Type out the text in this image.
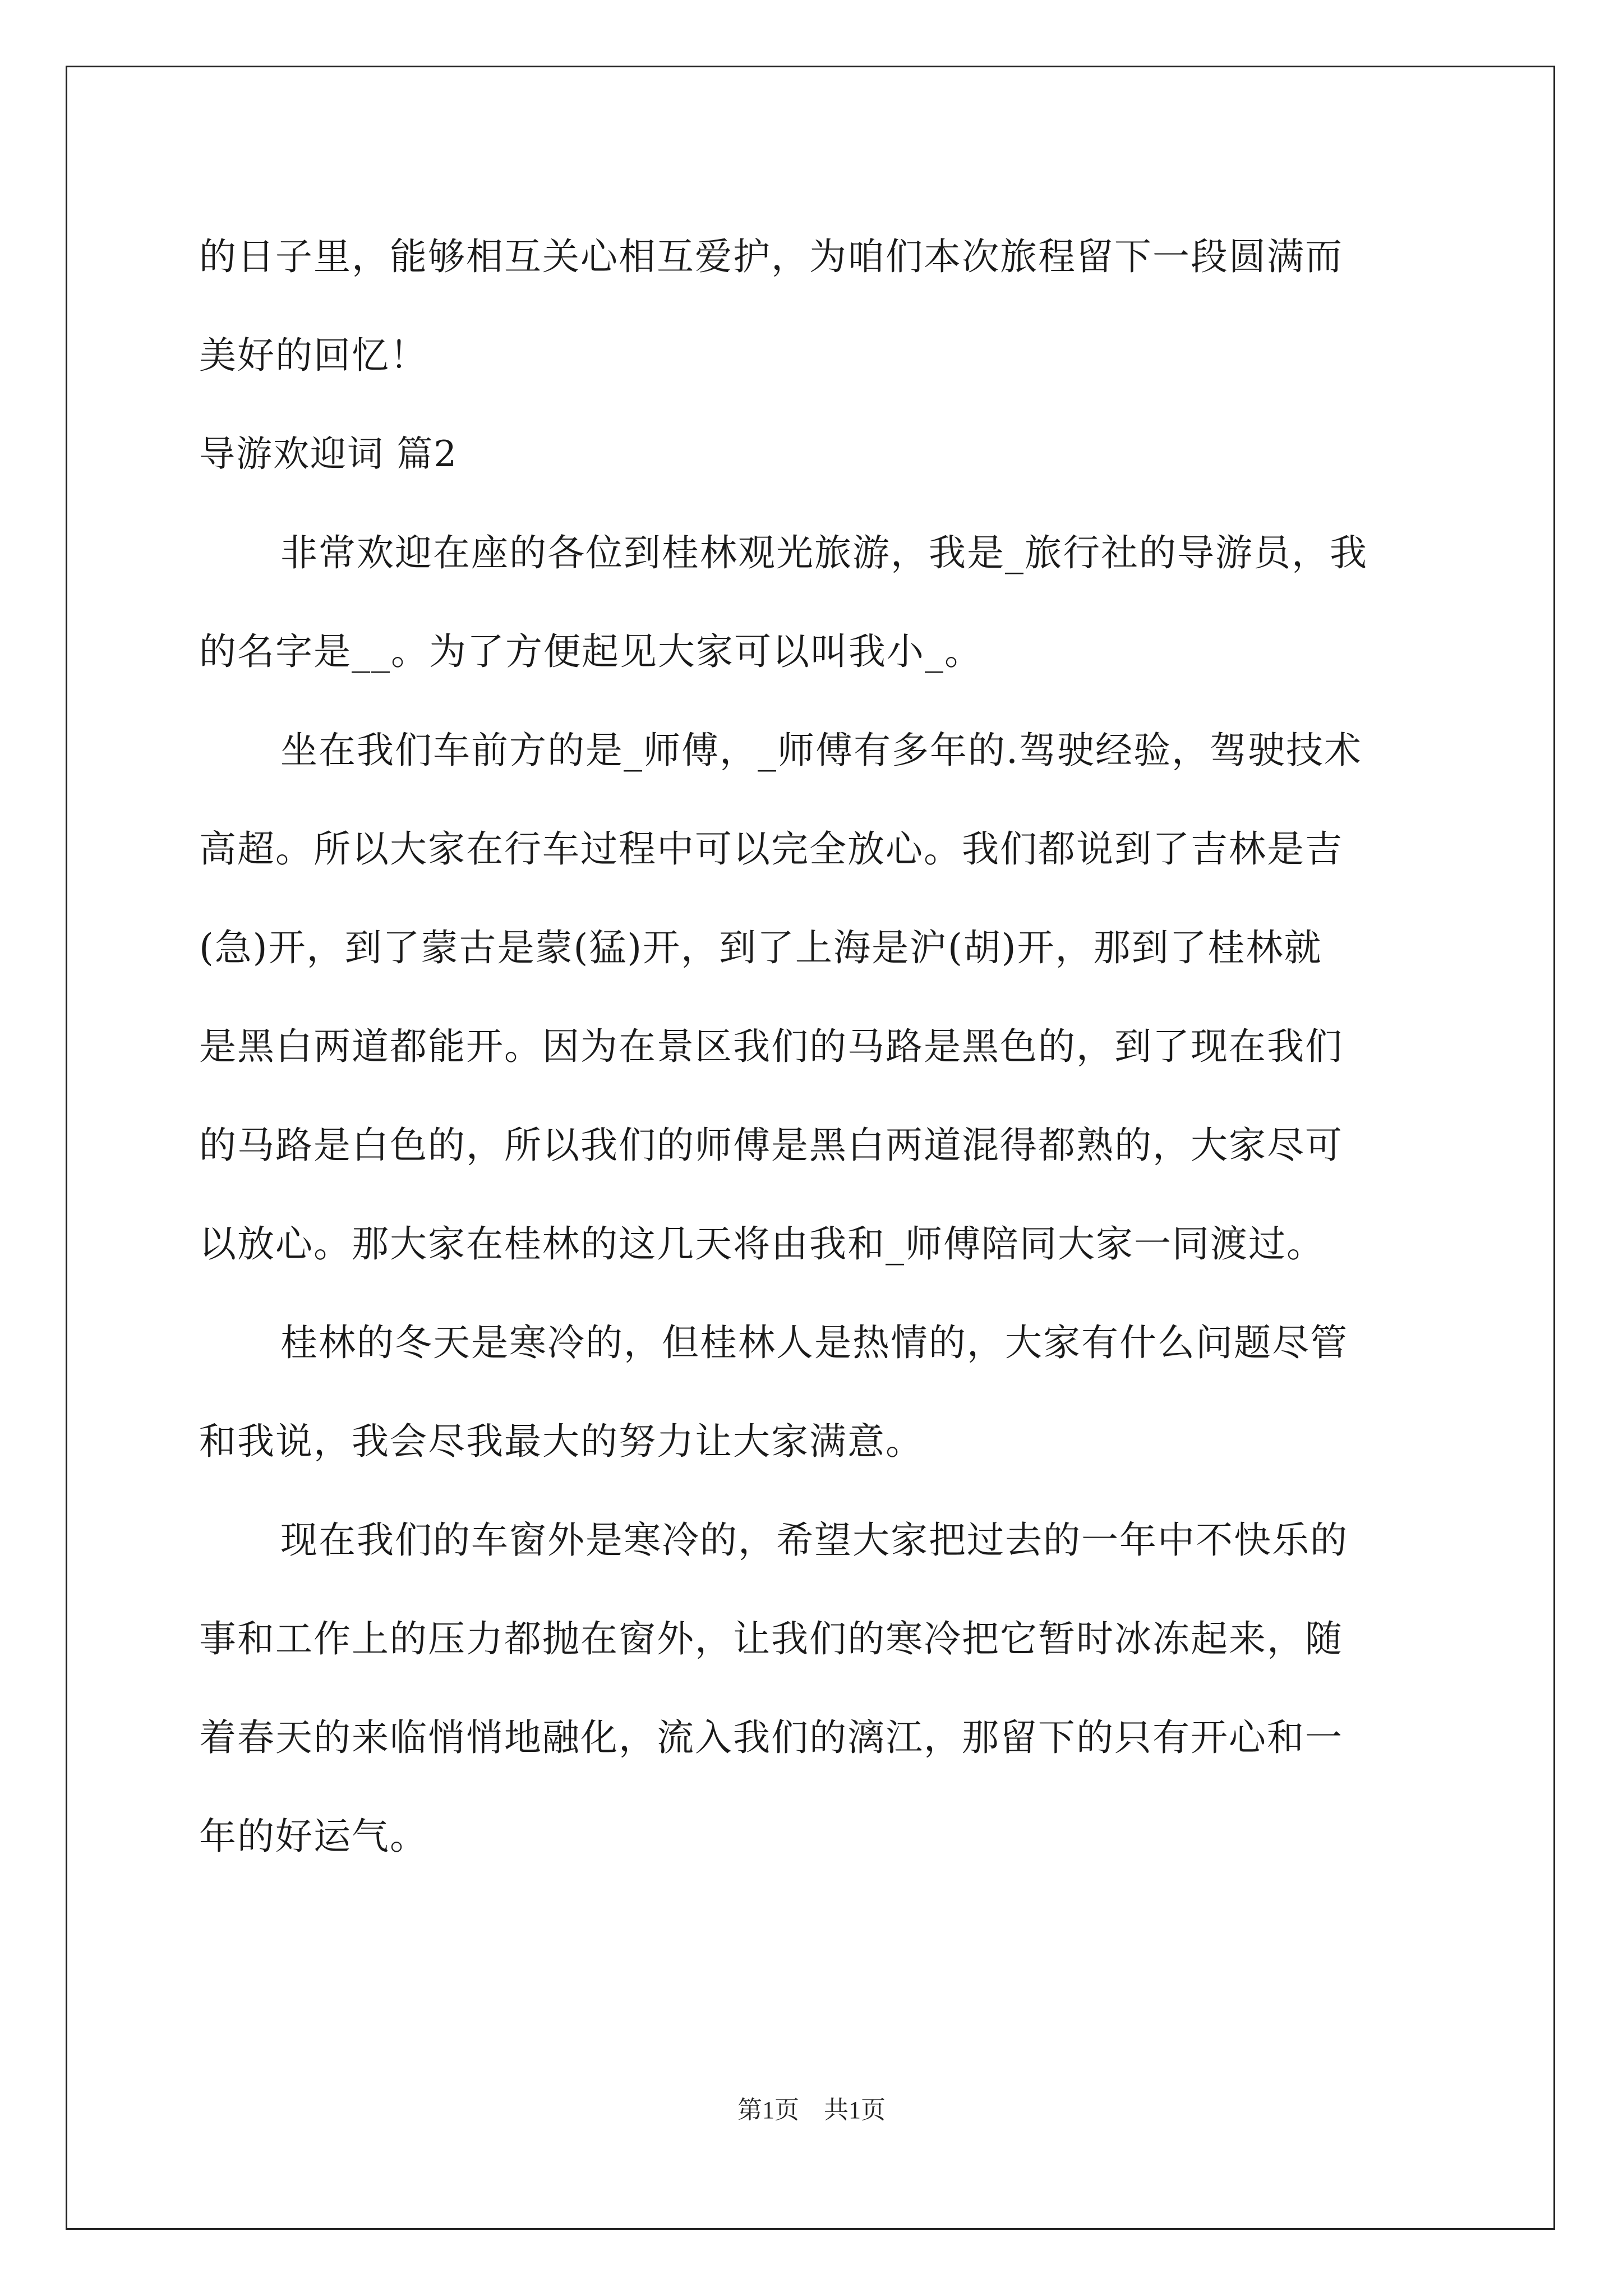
的日子里，能够相互关心相互爱护，为咱们本次旅程留下一段圆满而
美好的回忆！
导游欢迎词 篇2
非常欢迎在座的各位到桂林观光旅游，我是_旅行社的导游员，我
的名字是__。为了方便起见大家可以叫我小_。
坐在我们车前方的是_师傅，_师傅有多年的.驾驶经验，驾驶技术
高超。所以大家在行车过程中可以完全放心。我们都说到了吉林是吉
(急)开，到了蒙古是蒙(猛)开，到了上海是沪(胡)开，那到了桂林就
是黑白两道都能开。因为在景区我们的马路是黑色的，到了现在我们
的马路是白色的，所以我们的师傅是黑白两道混得都熟的，大家尽可
以放心。那大家在桂林的这几天将由我和_师傅陪同大家一同渡过。
桂林的冬天是寒冷的，但桂林人是热情的，大家有什么问题尽管
和我说，我会尽我最大的努力让大家满意。
现在我们的车窗外是寒冷的，希望大家把过去的一年中不快乐的
事和工作上的压力都抛在窗外，让我们的寒冷把它暂时冰冻起来，随
着春天的来临悄悄地融化，流入我们的漓江，那留下的只有开心和一
年的好运气。
第1页　共1页
